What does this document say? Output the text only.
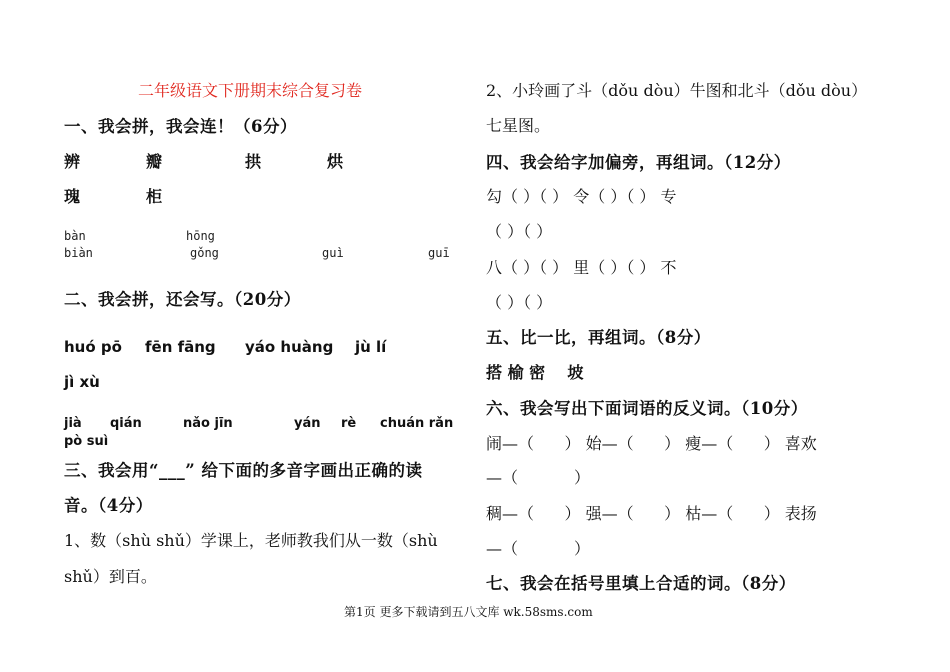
二年级语文下册期末综合复习卷
一、我会拼，我会连！（6分）
辨	瓣	拱	烘
瑰	柜
bàn	hōng
biàn	gǒng	guì	guī
二、我会拼，还会写。（20分）
huó pō fēn fāng yáo huàng jù lí
jì xù
jià qián	nǎo jīn	yán rè chuán rǎn
pò suì
三、我会用“___” 给下面的多音字画出正确的读
音。（4分）
1、数（shù shǔ）学课上，老师教我们从一数（shù
shǔ）到百。
2、小玲画了斗（dǒu dòu）牛图和北斗（dǒu dòu）
七星图。
四、我会给字加偏旁，再组词。（12分）
勾（ ）（ ） 令（ ）（ ） 专
（ ）（ ）
八（ ）（ ） 里（ ）（ ） 不
（ ）（ ）
五、比一比，再组词。（8分）
搭 榆 密    坡
六、我会写出下面词语的反义词。（10分）
闹—（      ） 始—（      ） 瘦—（      ） 喜欢
—（           ）
稠—（      ） 强—（      ） 枯—（      ） 表扬
—（           ）
七、我会在括号里填上合适的词。（8分）
第1页 更多下载请到五八文库 wk.58sms.com
